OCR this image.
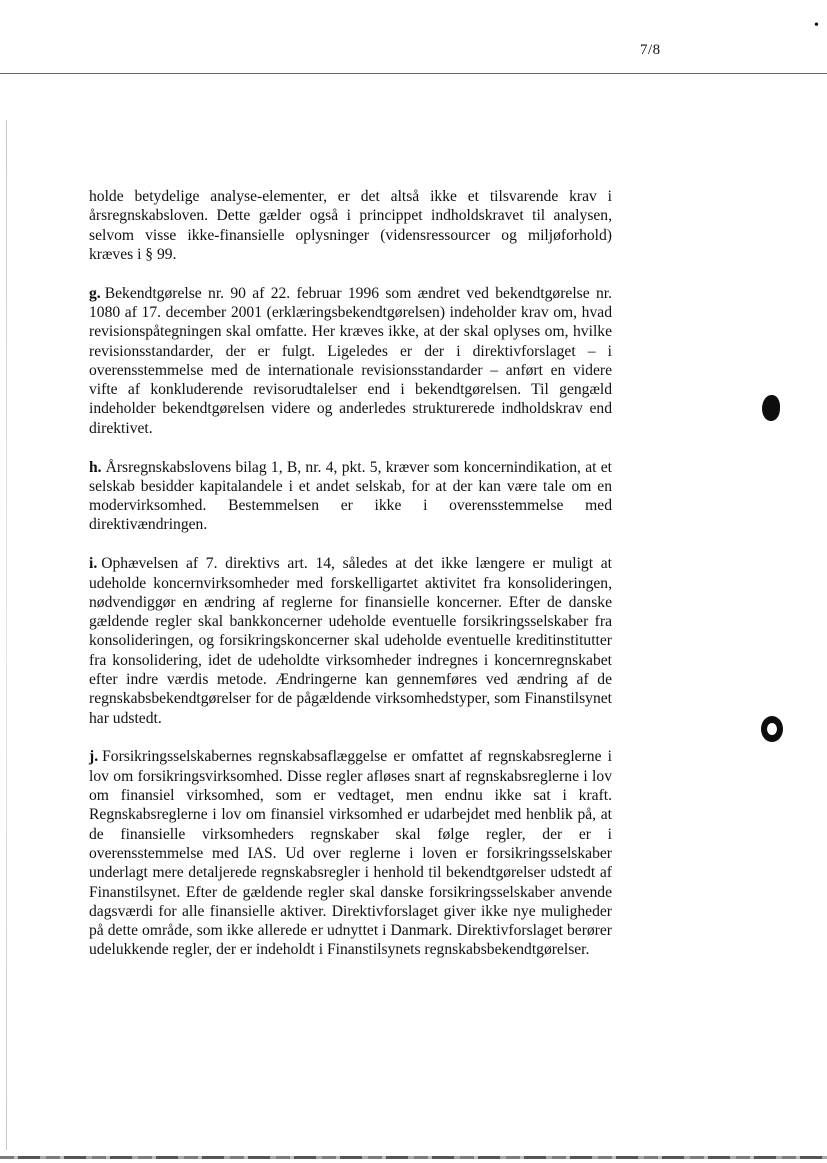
•
7/8

holde betydelige analyse-elementer, er det altså ikke et tilsvarende krav i årsregnskabsloven. Dette gælder også i princippet indholdskravet til analysen, selvom visse ikke-finansielle oplysninger (vidensressourcer og miljøforhold) kræves i § 99.

g. Bekendtgørelse nr. 90 af 22. februar 1996 som ændret ved bekendtgørelse nr. 1080 af 17. december 2001 (erklæringsbekendtgørelsen) indeholder krav om, hvad revisionspåtegningen skal omfatte. Her kræves ikke, at der skal oplyses om, hvilke revisionsstandarder, der er fulgt. Ligeledes er der i direktivforslaget – i overensstemmelse med de internationale revisionsstandarder – anført en videre vifte af konkluderende revisorudtalelser end i bekendtgørelsen. Til gengæld indeholder bekendtgørelsen videre og anderledes strukturerede indholdskrav end direktivet.

h. Årsregnskabslovens bilag 1, B, nr. 4, pkt. 5, kræver som koncernindikation, at et selskab besidder kapitalandele i et andet selskab, for at der kan være tale om en modervirksomhed. Bestemmelsen er ikke i overensstemmelse med direktivændringen.

i. Ophævelsen af 7. direktivs art. 14, således at det ikke længere er muligt at udeholde koncernvirksomheder med forskelligartet aktivitet fra konsolideringen, nødvendiggør en ændring af reglerne for finansielle koncerner. Efter de danske gældende regler skal bankkoncerner udeholde eventuelle forsikringsselskaber fra konsolideringen, og forsikringskoncerner skal udeholde eventuelle kreditinstitutter fra konsolidering, idet de udeholdte virksomheder indregnes i koncernregnskabet efter indre værdis metode. Ændringerne kan gennemføres ved ændring af de regnskabsbekendtgørelser for de pågældende virksomhedstyper, som Finanstilsynet har udstedt.

j. Forsikringsselskabernes regnskabsaflæggelse er omfattet af regnskabsreglerne i lov om forsikringsvirksomhed. Disse regler afløses snart af regnskabsreglerne i lov om finansiel virksomhed, som er vedtaget, men endnu ikke sat i kraft. Regnskabsreglerne i lov om finansiel virksomhed er udarbejdet med henblik på, at de finansielle virksomheders regnskaber skal følge regler, der er i overensstemmelse med IAS. Ud over reglerne i loven er forsikringsselskaber underlagt mere detaljerede regnskabsregler i henhold til bekendtgørelser udstedt af Finanstilsynet. Efter de gældende regler skal danske forsikringsselskaber anvende dagsværdi for alle finansielle aktiver. Direktivforslaget giver ikke nye muligheder på dette område, som ikke allerede er udnyttet i Danmark. Direktivforslaget berører udelukkende regler, der er indeholdt i Finanstilsynets regnskabsbekendtgørelser.
